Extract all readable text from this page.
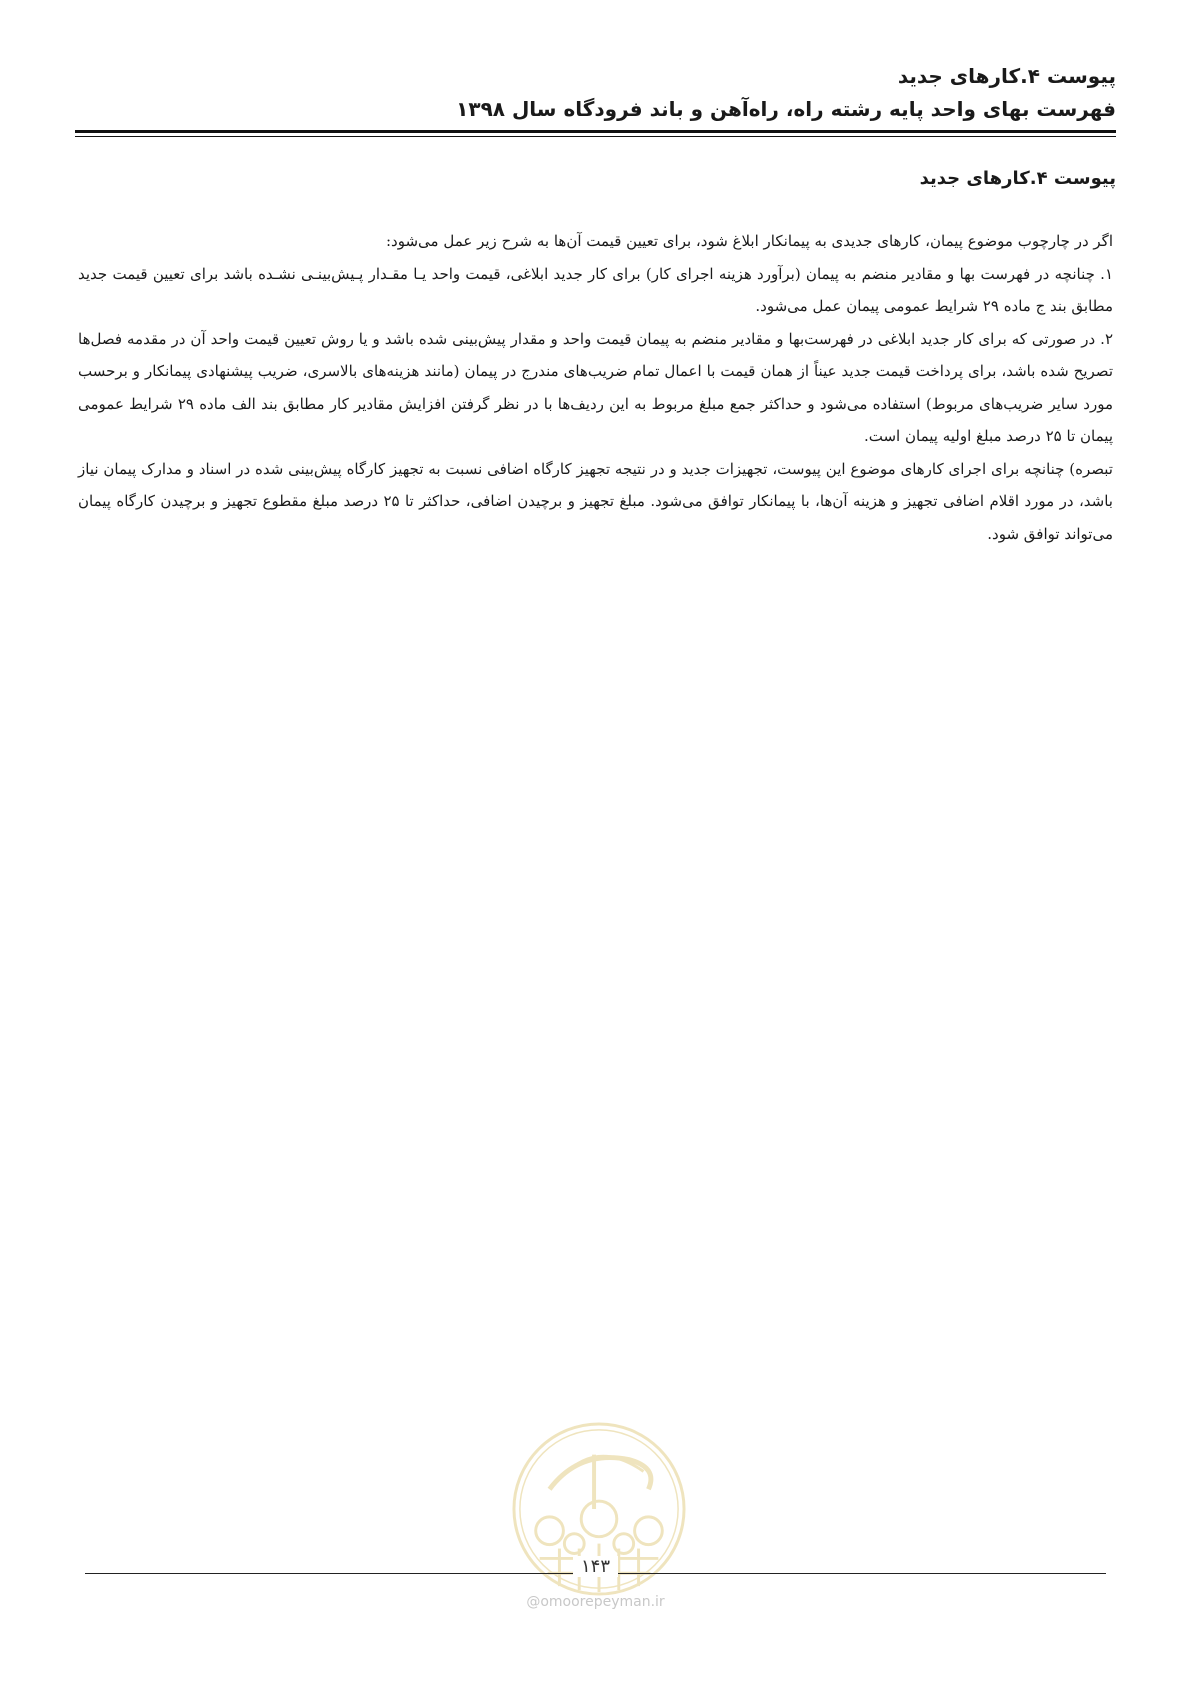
پیوست ۴.کارهای جدید
فهرست بهای واحد پایه رشته راه، راه‌آهن و باند فرودگاه سال ۱۳۹۸
پیوست ۴.کارهای جدید

اگر در چارچوب موضوع پیمان، کارهای جدیدی به پیمانکار ابلاغ شود، برای تعیین قیمت آن‌ها به شرح زیر عمل می‌شود:

۱. چنانچه در فهرست بها و مقادیر منضم به پیمان (برآورد هزینه اجرای کار) برای کار جدید ابلاغی، قیمت واحد یـا مقـدار پـیش‌بینـی نشـده باشد برای تعیین قیمت جدید مطابق بند ج ماده ۲۹ شرایط عمومی پیمان عمل می‌شود.

۲. در صورتی که برای کار جدید ابلاغی در فهرست‌بها و مقادیر منضم به پیمان قیمت واحد و مقدار پیش‌بینی شده باشد و یا روش تعیین قیمت واحد آن در مقدمه فصل‌ها تصریح شده باشد، برای پرداخت قیمت جدید عیناً از همان قیمت با اعمال تمام ضریب‌های مندرج در پیمان (مانند هزینه‌های بالاسری، ضریب پیشنهادی پیمانکار و برحسب مورد سایر ضریب‌های مربوط) استفاده می‌شود و حداکثر جمع مبلغ مربوط به این ردیف‌ها با در نظر گرفتن افزایش مقادیر کار مطابق بند الف ماده ۲۹ شرایط عمومی پیمان تا ۲۵ درصد مبلغ اولیه پیمان است.

تبصره) چنانچه برای اجرای کارهای موضوع این پیوست، تجهیزات جدید و در نتیجه تجهیز کارگاه اضافی نسبت به تجهیز کارگاه پیش‌بینی شده در اسناد و مدارک پیمان نیاز باشد، در مورد اقلام اضافی تجهیز و هزینه آن‌ها، با پیمانکار توافق می‌شود. مبلغ تجهیز و برچیدن اضافی، حداکثر تا ۲۵ درصد مبلغ مقطوع تجهیز و برچیدن کارگاه پیمان می‌تواند توافق شود.

۱۴۳
@omoorepeyman.ir
